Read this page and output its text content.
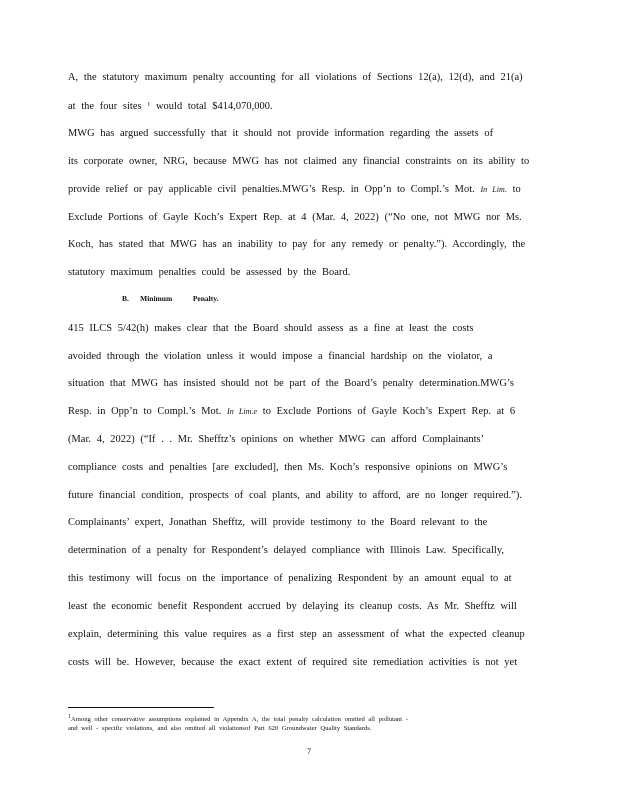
A, the statutory maximum penalty accounting for all violations of Sections 12(a), 12(d), and 21(a)
at the four sites $^1$ would total $414,070,000.
MWG has argued successfully that it should not provide information regarding the assets of
its corporate owner, NRG, because MWG has not claimed any financial constraints on its ability to
provide relief or pay applicable civil penalties.MWG’s Resp. in Opp’n to Compl.’s Mot. In Lim. to
Exclude Portions of Gayle Koch’s Expert Rep. at 4 (Mar. 4, 2022) (“No one, not MWG nor Ms.
Koch, has stated that MWG has an inability to pay for any remedy or penalty.”). Accordingly, the
statutory maximum penalties could be assessed by the Board.
B.      Minimum           Penalty.
415 ILCS 5/42(h) makes clear that the Board should assess as a fine at least the costs
avoided through the violation unless it would impose a financial hardship on the violator, a
situation that MWG has insisted should not be part of the Board’s penalty determination.MWG’s
Resp. in Opp’n to Compl.’s Mot. In Lim.e to Exclude Portions of Gayle Koch’s Expert Rep. at 6
(Mar. 4, 2022) (“If . . Mr. Shefftz’s opinions on whether MWG can afford Complainants’
compliance costs and penalties [are excluded], then Ms. Koch’s responsive opinions on MWG’s
future financial condition, prospects of coal plants, and ability to afford, are no longer required.”).
Complainants’ expert, Jonathan Shefftz, will provide testimony to the Board relevant to the
determination of a penalty for Respondent’s delayed compliance with Illinois Law. Specifically,
this testimony will focus on the importance of penalizing Respondent by an amount equal to at
least the economic benefit Respondent accrued by delaying its cleanup costs. As Mr. Shefftz will
explain, determining this value requires as a first step an assessment of what the expected cleanup
costs will be. However, because the exact extent of required site remediation activities is not yet
$^1$Among other conservative assumptions explained in Appendix A, the total penalty calculation omitted all pollutant -
and well - specific violations, and also omitted all violationsof Part 620 Groundwater Quality Standards.
7
